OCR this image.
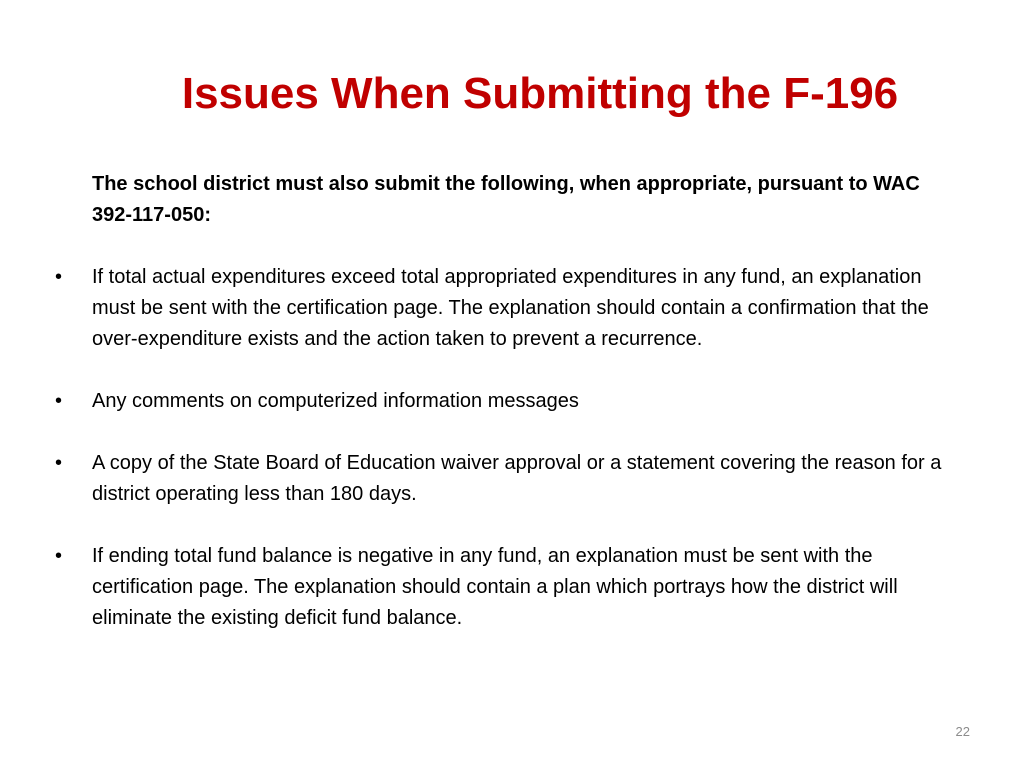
Issues When Submitting the F-196

The school district must also submit the following, when appropriate, pursuant to WAC 392-117-050:

• If total actual expenditures exceed total appropriated expenditures in any fund, an explanation must be sent with the certification page. The explanation should contain a confirmation that the over-expenditure exists and the action taken to prevent a recurrence.
• Any comments on computerized information messages
• A copy of the State Board of Education waiver approval or a statement covering the reason for a district operating less than 180 days.
• If ending total fund balance is negative in any fund, an explanation must be sent with the certification page. The explanation should contain a plan which portrays how the district will eliminate the existing deficit fund balance.
22
